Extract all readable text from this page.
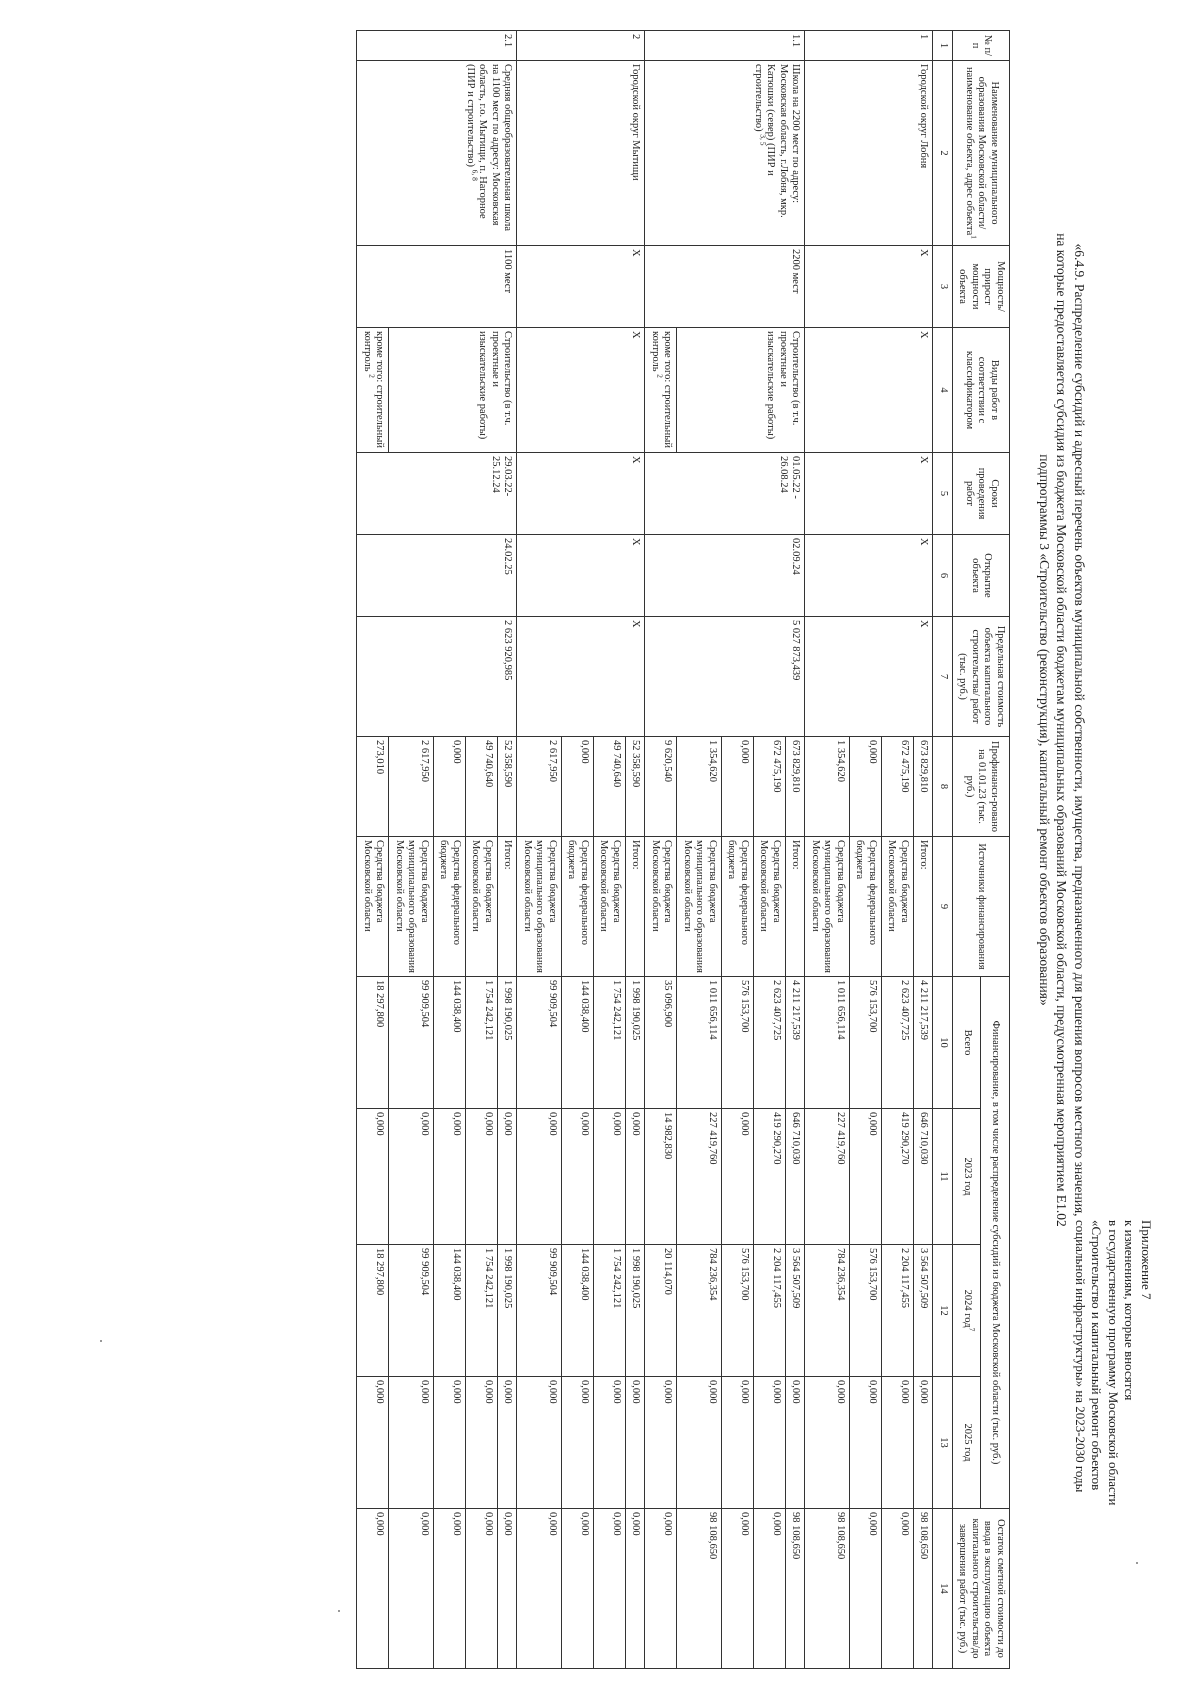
Приложение 7
к изменениям, которые вносятся
в государственную программу Московской области
«Строительство и капитальный ремонт объектов
социальной инфраструктуры» на 2023-2030 годы
«6.4.9. Распределение субсидий и адресный перечень объектов муниципальной собственности, имущества, предназначенного для решения вопросов местного значения,
на которые предоставляется субсидия из бюджета Московской области бюджетам муниципальных образований Московской области, предусмотренная мероприятием E1.02
подпрограммы 3 «Строительство (реконструкция), капитальный ремонт объектов образования»
№ п/п	Наименование муниципального образования Московской области/ наименование объекта, адрес объекта$^1$	Мощность/ прирост мощности объекта	Виды работ в соответствии с классификатором	Сроки проведения работ	Открытие объекта	Предельная стоимость объекта капитального строительства/ работ (тыс. руб.)	Профинанси-ровано на 01.01.23 (тыс. руб.)	Источники финансирования	Финансирование, в том числе распределение субсидий из бюджета Московской области (тыс. руб.)				Остаток сметной стоимости до ввода в эксплуатацию объекта капитального строительства/до завершения работ (тыс. руб.)
									Всего	2023 год	2024 год$^7$	2025 год	
1	2	3	4	5	6	7	8	9	10	11	12	13	14
1	Городской округ Лобня	Х	Х	Х	Х	Х	673 829,810	Итого:	4 211 217,539	646 710,030	3 564 507,509	0,000	98 108,650
							672 475,190	Средства бюджета Московской области	2 623 407,725	419 290,270	2 204 117,455	0,000	0,000
							0,000	Средства федерального бюджета	576 153,700	0,000	576 153,700	0,000	0,000
							1 354,620	Средства бюджета муниципального образования Московской области	1 011 656,114	227 419,760	784 236,354	0,000	98 108,650
1.1	Школа на 2200 мест по адресу: Московская область, г.Лобня, мкр. Катюшки (север) (ПИР и строительство) $^{3, 5}$	2200 мест	Строительство (в т.ч. проектные и изыскательские работы)	01.05.22 - 26.08.24	02.09.24	5 027 873,439	673 829,810	Итого:	4 211 217,539	646 710,030	3 564 507,509	0,000	98 108,650
							672 475,190	Средства бюджета Московской области	2 623 407,725	419 290,270	2 204 117,455	0,000	0,000
							0,000	Средства федерального бюджета	576 153,700	0,000	576 153,700	0,000	0,000
							1 354,620	Средства бюджета муниципального образования Московской области	1 011 656,114	227 419,760	784 236,354	0,000	98 108,650
			кроме того: строительный контроль $^2$				9 620,540	Средства бюджета Московской области	35 096,900	14 982,830	20 114,070	0,000	0,000
2	Городской округ Мытищи	Х	Х	Х	Х	Х	52 358,590	Итого:	1 998 190,025	0,000	1 998 190,025	0,000	0,000
							49 740,640	Средства бюджета Московской области	1 754 242,121	0,000	1 754 242,121	0,000	0,000
							0,000	Средства федерального бюджета	144 038,400	0,000	144 038,400	0,000	0,000
							2 617,950	Средства бюджета муниципального образования Московской области	99 909,504	0,000	99 909,504	0,000	0,000
2.1	Средняя общеобразовательная школа на 1100 мест по адресу: Московская область, г.о. Мытищи, п. Нагорное (ПИР и строительство) $^{6, 8}$	1100 мест	Строительство (в т.ч. проектные и изыскательские работы)	29.03.22-25.12.24	24.02.25	2 623 920,985	52 358,590	Итого:	1 998 190,025	0,000	1 998 190,025	0,000	0,000
							49 740,640	Средства бюджета Московской области	1 754 242,121	0,000	1 754 242,121	0,000	0,000
							0,000	Средства федерального бюджета	144 038,400	0,000	144 038,400	0,000	0,000
							2 617,950	Средства бюджета муниципального образования Московской области	99 909,504	0,000	99 909,504	0,000	0,000
			кроме того: строительный контроль $^2$				273,010	Средства бюджета Московской области	18 297,800	0,000	18 297,800	0,000	0,000
